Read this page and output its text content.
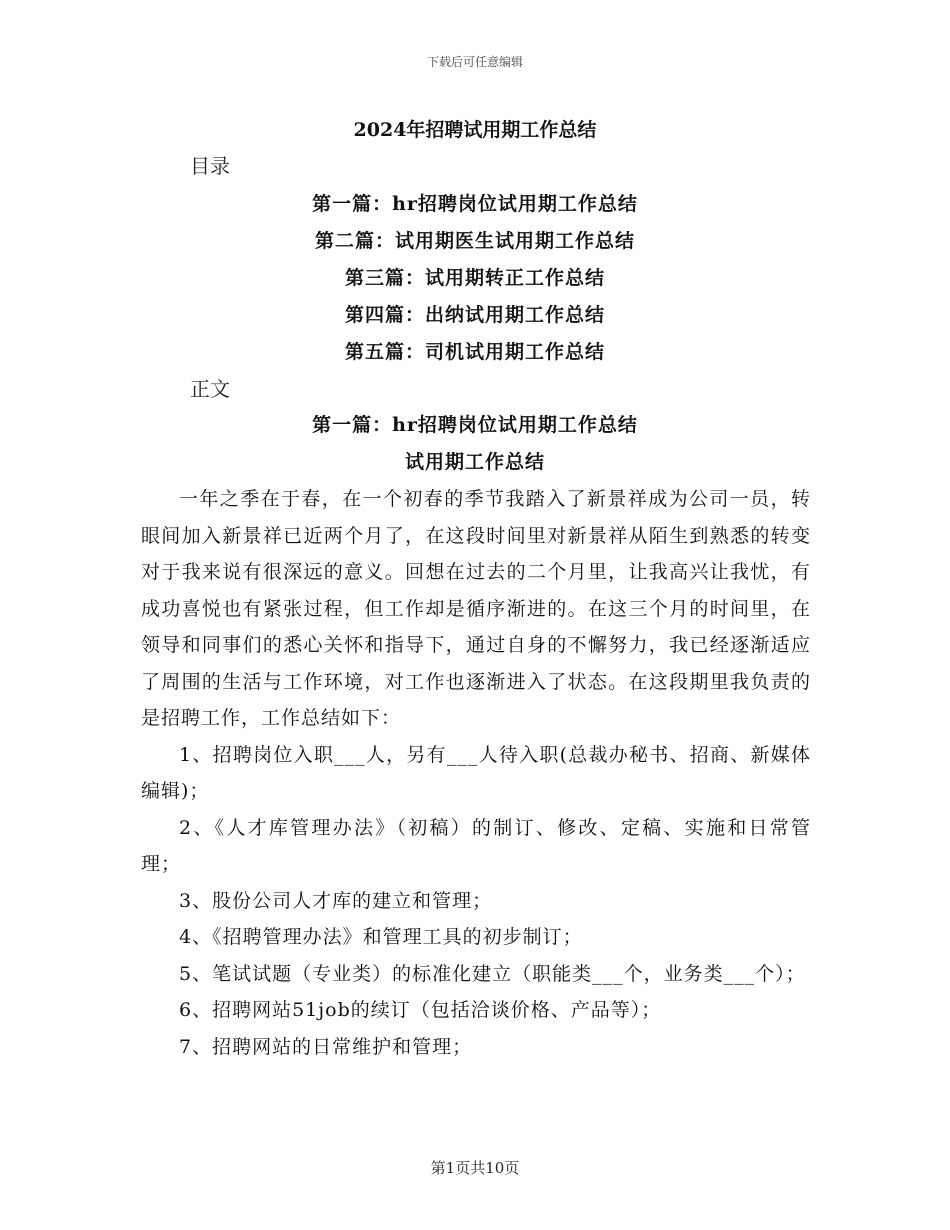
下载后可任意编辑
2024年招聘试用期工作总结
目录
第一篇：hr招聘岗位试用期工作总结
第二篇：试用期医生试用期工作总结
第三篇：试用期转正工作总结
第四篇：出纳试用期工作总结
第五篇：司机试用期工作总结
正文
第一篇：hr招聘岗位试用期工作总结
试用期工作总结

一年之季在于春，在一个初春的季节我踏入了新景祥成为公司一员，转眼间加入新景祥已近两个月了，在这段时间里对新景祥从陌生到熟悉的转变对于我来说有很深远的意义。回想在过去的二个月里，让我高兴让我忧，有成功喜悦也有紧张过程，但工作却是循序渐进的。在这三个月的时间里，在领导和同事们的悉心关怀和指导下，通过自身的不懈努力，我已经逐渐适应了周围的生活与工作环境，对工作也逐渐进入了状态。在这段期里我负责的是招聘工作，工作总结如下：

1、招聘岗位入职___人，另有___人待入职(总裁办秘书、招商、新媒体编辑)；

2、《人才库管理办法》（初稿）的制订、修改、定稿、实施和日常管理；

3、股份公司人才库的建立和管理；

4、《招聘管理办法》和管理工具的初步制订；

5、笔试试题（专业类）的标准化建立（职能类___个，业务类___个）；

6、招聘网站51job的续订（包括洽谈价格、产品等）；

7、招聘网站的日常维护和管理；

第1页共10页
